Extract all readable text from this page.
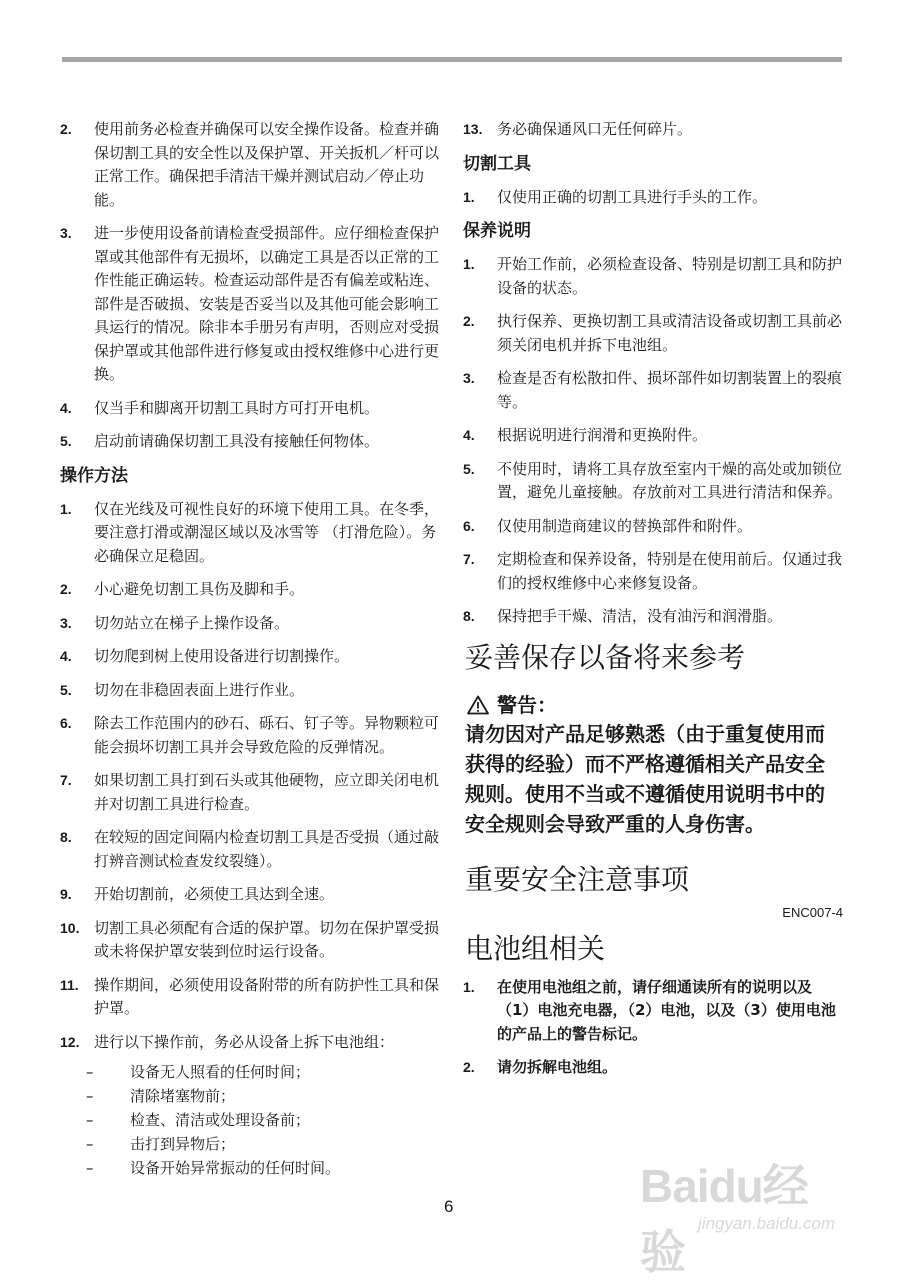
2. 使用前务必检查并确保可以安全操作设备。检查并确保切割工具的安全性以及保护罩、开关扳机／杆可以正常工作。确保把手清洁干燥并测试启动／停止功能。
3. 进一步使用设备前请检查受损部件。应仔细检查保护罩或其他部件有无损坏，以确定工具是否以正常的工作性能正确运转。检查运动部件是否有偏差或粘连、部件是否破损、安装是否妥当以及其他可能会影响工具运行的情况。除非本手册另有声明，否则应对受损保护罩或其他部件进行修复或由授权维修中心进行更换。
4. 仅当手和脚离开切割工具时方可打开电机。
5. 启动前请确保切割工具没有接触任何物体。
操作方法
1. 仅在光线及可视性良好的环境下使用工具。在冬季，要注意打滑或潮湿区域以及冰雪等 （打滑危险）。务必确保立足稳固。
2. 小心避免切割工具伤及脚和手。
3. 切勿站立在梯子上操作设备。
4. 切勿爬到树上使用设备进行切割操作。
5. 切勿在非稳固表面上进行作业。
6. 除去工作范围内的砂石、砾石、钉子等。异物颗粒可能会损坏切割工具并会导致危险的反弹情况。
7. 如果切割工具打到石头或其他硬物，应立即关闭电机并对切割工具进行检查。
8. 在较短的固定间隔内检查切割工具是否受损（通过敲打辨音测试检查发纹裂缝）。
9. 开始切割前，必须使工具达到全速。
10. 切割工具必须配有合适的保护罩。切勿在保护罩受损或未将保护罩安装到位时运行设备。
11. 操作期间，必须使用设备附带的所有防护性工具和保护罩。
12. 进行以下操作前，务必从设备上拆下电池组：
– 设备无人照看的任何时间；
– 清除堵塞物前；
– 检查、清洁或处理设备前；
– 击打到异物后；
– 设备开始异常振动的任何时间。
13. 务必确保通风口无任何碎片。
切割工具
1. 仅使用正确的切割工具进行手头的工作。
保养说明
1. 开始工作前，必须检查设备、特别是切割工具和防护设备的状态。
2. 执行保养、更换切割工具或清洁设备或切割工具前必须关闭电机并拆下电池组。
3. 检查是否有松散扣件、损坏部件如切割装置上的裂痕等。
4. 根据说明进行润滑和更换附件。
5. 不使用时，请将工具存放至室内干燥的高处或加锁位置，避免儿童接触。存放前对工具进行清洁和保养。
6. 仅使用制造商建议的替换部件和附件。
7. 定期检查和保养设备，特别是在使用前后。仅通过我们的授权维修中心来修复设备。
8. 保持把手干燥、清洁，没有油污和润滑脂。
妥善保存以备将来参考
警告：
请勿因对产品足够熟悉（由于重复使用而获得的经验）而不严格遵循相关产品安全规则。使用不当或不遵循使用说明书中的安全规则会导致严重的人身伤害。
重要安全注意事项
ENC007-4
电池组相关
1. 在使用电池组之前，请仔细通读所有的说明以及（1）电池充电器，（2）电池，以及（3）使用电池的产品上的警告标记。
2. 请勿拆解电池组。
6	Baidu经验
jingyan.baidu.com
